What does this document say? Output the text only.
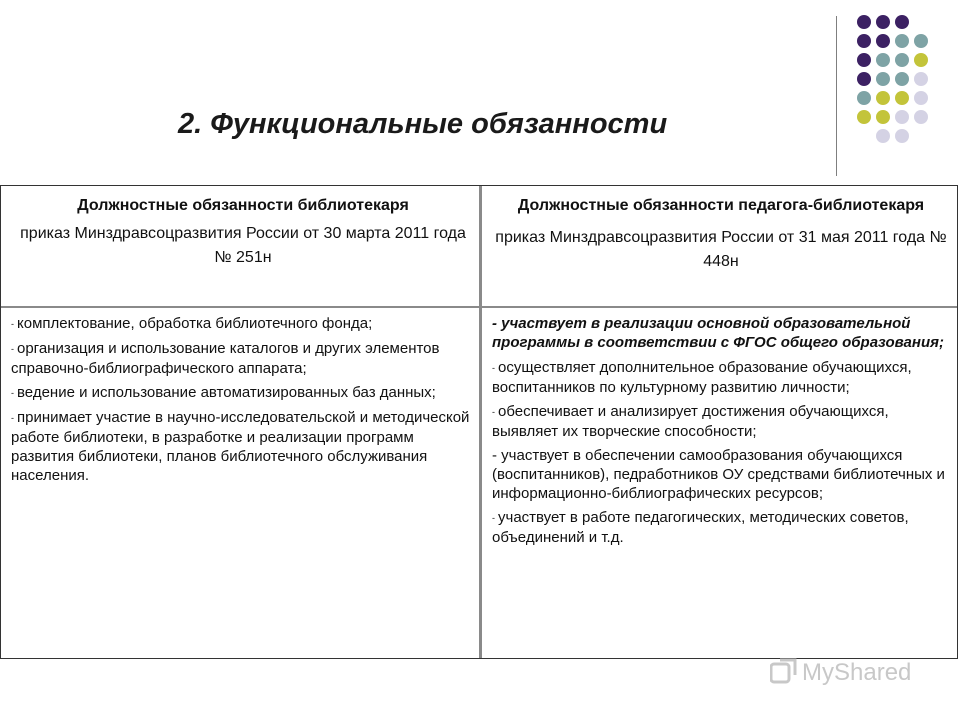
2. Функциональные обязанности
Должностные обязанности библиотекаря
приказ Минздравсоцразвития России от 30 марта 2011 года № 251н
Должностные обязанности педагога-библиотекаря
приказ Минздравсоцразвития России от 31 мая 2011 года № 448н
- комплектование, обработка библиотечного фонда;
- организация и использование каталогов и других элементов справочно-библиографического аппарата;
- ведение и использование автоматизированных баз данных;
- принимает участие в научно-исследовательской и методической работе библиотеки, в разработке и реализации программ развития библиотеки, планов библиотечного обслуживания населения.
- участвует в реализации основной образовательной программы в соответствии с ФГОС общего образования;
- осуществляет дополнительное образование обучающихся, воспитанников по культурному развитию личности;
- обеспечивает и анализирует достижения обучающихся, выявляет их творческие способности;
- участвует в обеспечении самообразования обучающихся (воспитанников), педработников ОУ средствами библиотечных и информационно-библиографических ресурсов;
- участвует в работе педагогических, методических советов, объединений и т.д.
MyShared
